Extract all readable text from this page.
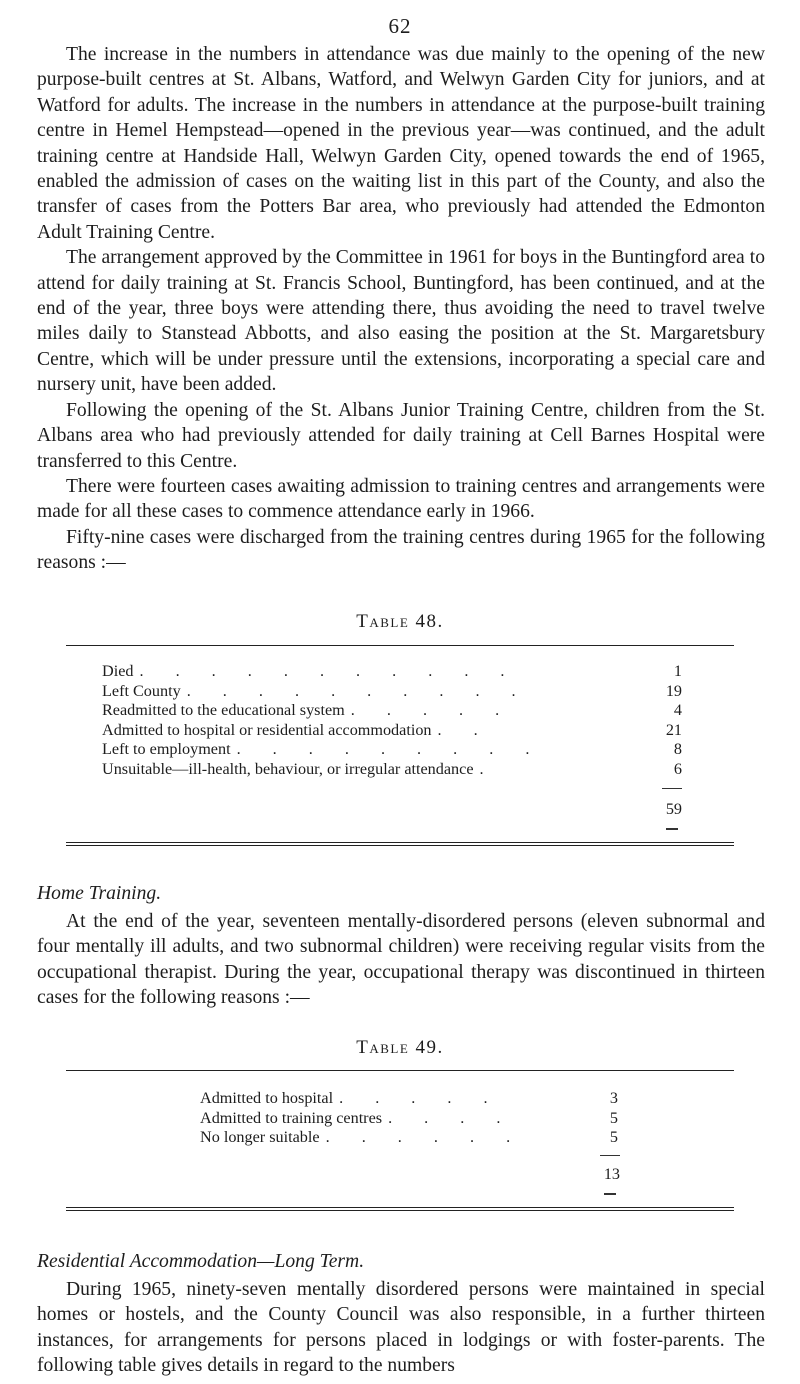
62

The increase in the numbers in attendance was due mainly to the opening of the new purpose-built centres at St. Albans, Watford, and Welwyn Garden City for juniors, and at Watford for adults. The increase in the numbers in attendance at the purpose-built training centre in Hemel Hempstead—opened in the previous year—was continued, and the adult training centre at Handside Hall, Welwyn Garden City, opened towards the end of 1965, enabled the admission of cases on the waiting list in this part of the County, and also the transfer of cases from the Potters Bar area, who previously had attended the Edmonton Adult Training Centre.

The arrangement approved by the Committee in 1961 for boys in the Buntingford area to attend for daily training at St. Francis School, Buntingford, has been continued, and at the end of the year, three boys were attending there, thus avoiding the need to travel twelve miles daily to Stanstead Abbotts, and also easing the position at the St. Margaretsbury Centre, which will be under pressure until the extensions, incorporating a special care and nursery unit, have been added.

Following the opening of the St. Albans Junior Training Centre, children from the St. Albans area who had previously attended for daily training at Cell Barnes Hospital were transferred to this Centre.

There were fourteen cases awaiting admission to training centres and arrangements were made for all these cases to commence attendance early in 1966.

Fifty-nine cases were discharged from the training centres during 1965 for the following reasons :—

Table 48.
Died . . . . . . . . . . .	1
Left County . . . . . . . . . .	19
Readmitted to the educational system . . . . .	4
Admitted to hospital or residential accommodation . .	21
Left to employment . . . . . . . . .	8
Unsuitable—ill-health, behaviour, or irregular attendance .	6
59
Home Training.

At the end of the year, seventeen mentally-disordered persons (eleven subnormal and four mentally ill adults, and two subnormal children) were receiving regular visits from the occupational therapist. During the year, occupational therapy was discontinued in thirteen cases for the following reasons :—

Table 49.
Admitted to hospital . . . . .	3
Admitted to training centres . . . .	5
No longer suitable . . . . . .	5
13
Residential Accommodation—Long Term.

During 1965, ninety-seven mentally disordered persons were maintained in special homes or hostels, and the County Council was also responsible, in a further thirteen instances, for arrangements for persons placed in lodgings or with foster-parents. The following table gives details in regard to the numbers
